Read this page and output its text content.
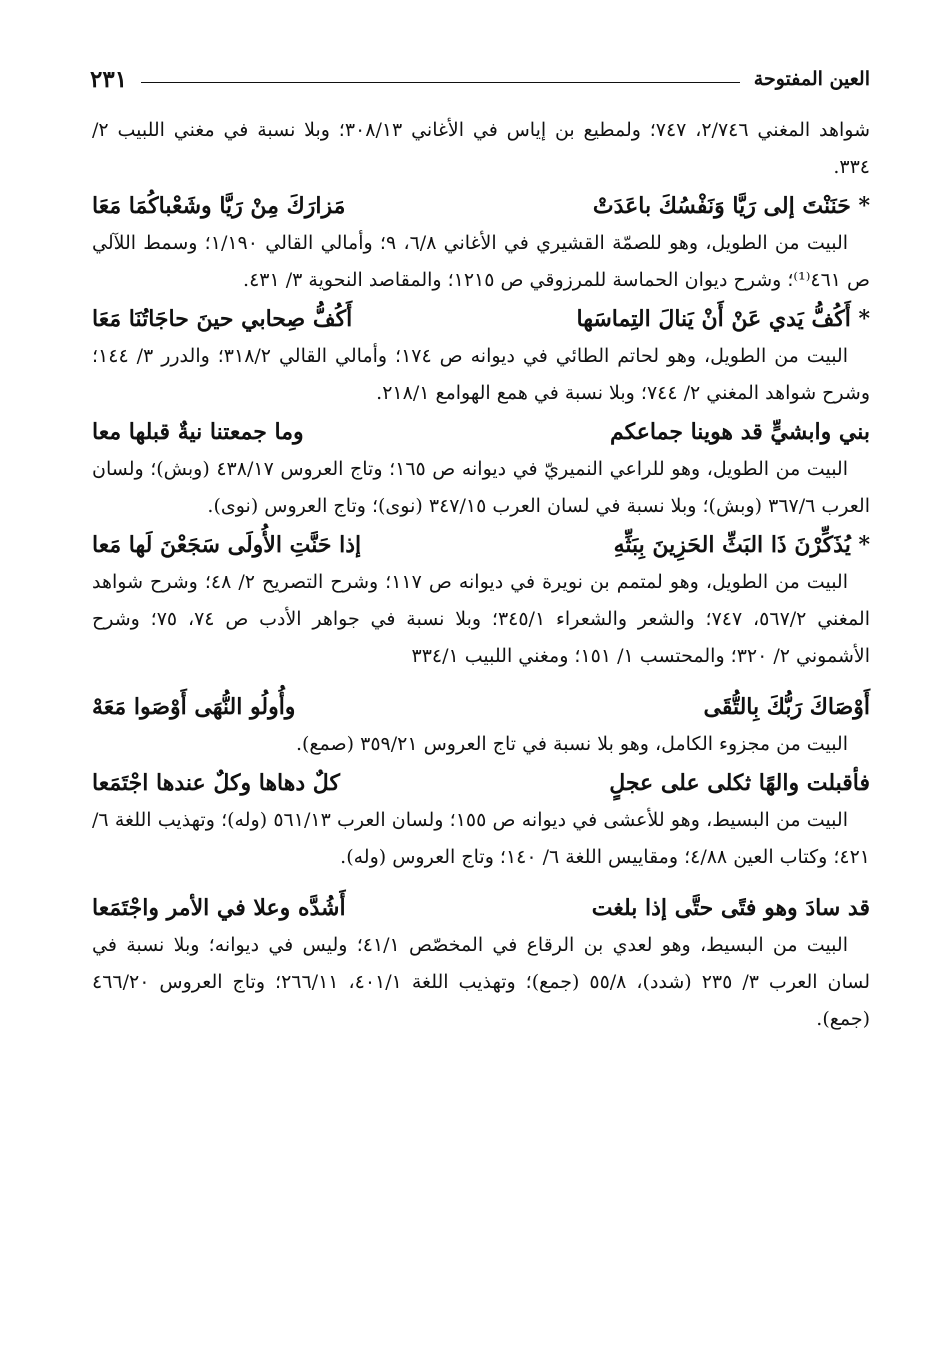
العين المفتوحة
٢٣١

شواهد المغني ٢/٧٤٦، ٧٤٧؛ ولمطيع بن إياس في الأغاني ٣٠٨/١٣؛ وبلا نسبة في مغني اللبيب ٢/ ٣٣٤.

* حَنَنْتَ إلى رَيَّا وَنَفْسُكَ باعَدَتْ
مَزارَكَ مِنْ رَيَّا وشَعْباكُمَا مَعَا

البيت من الطويل، وهو للصمّة القشيري في الأغاني ٦/٨، ٩؛ وأمالي القالي ١/١٩٠؛ وسمط اللآلي ص ٤٦١⁽¹⁾؛ وشرح ديوان الحماسة للمرزوقي ص ١٢١٥؛ والمقاصد النحوية ٣/ ٤٣١.

* أَكُفُّ يَدي عَنْ أَنْ يَنالَ التِماسَها
أَكُفُّ صِحابي حينَ حاجَاتُنَا مَعَا

البيت من الطويل، وهو لحاتم الطائي في ديوانه ص ١٧٤؛ وأمالي القالي ٣١٨/٢؛ والدرر ٣/ ١٤٤؛ وشرح شواهد المغني ٢/ ٧٤٤؛ وبلا نسبة في همع الهوامع ٢١٨/١.

بني وابشيٍّ قد هوينا جماعكم
وما جمعتنا نيةٌ قبلها معا

البيت من الطويل، وهو للراعي النميريّ في ديوانه ص ١٦٥؛ وتاج العروس ٤٣٨/١٧ (وبش)؛ ولسان العرب ٣٦٧/٦ (وبش)؛ وبلا نسبة في لسان العرب ٣٤٧/١٥ (نوى)؛ وتاج العروس (نوى).

* يُذَكِّرْنَ ذَا البَثِّ الحَزِينَ بِبَثِّهِ
إذا حَنَّتِ الأُولَى سَجَعْنَ لَها مَعا

البيت من الطويل، وهو لمتمم بن نويرة في ديوانه ص ١١٧؛ وشرح التصريح ٢/ ٤٨؛ وشرح شواهد المغني ٥٦٧/٢، ٧٤٧؛ والشعر والشعراء ٣٤٥/١؛ وبلا نسبة في جواهر الأدب ص ٧٤، ٧٥؛ وشرح الأشموني ٢/ ٣٢٠؛ والمحتسب ١/ ١٥١؛ ومغني اللبيب ٣٣٤/١

أَوْصَاكَ رَبُّكَ بِالتُّقَى
وأُولُو النُّهَى أَوْصَوا مَعَهْ

البيت من مجزوء الكامل، وهو بلا نسبة في تاج العروس ٣٥٩/٢١ (صمع).

فأقبلت والهًا ثكلى على عجلٍ
كلٌ دهاها وكلٌ عندها اجْتَمَعا

البيت من البسيط، وهو للأعشى في ديوانه ص ١٥٥؛ ولسان العرب ٥٦١/١٣ (وله)؛ وتهذيب اللغة ٦/ ٤٢١؛ وكتاب العين ٤/٨٨؛ ومقاييس اللغة ٦/ ١٤٠؛ وتاج العروس (وله).

قد سادَ وهو فتًى حتَّى إذا بلغت
أَشُدَّه وعلا في الأمر واجْتَمَعا

البيت من البسيط، وهو لعدي بن الرقاع في المخصّص ٤١/١؛ وليس في ديوانه؛ وبلا نسبة في لسان العرب ٣/ ٢٣٥ (شدد)، ٥٥/٨ (جمع)؛ وتهذيب اللغة ٤٠١/١، ٢٦٦/١١؛ وتاج العروس ٤٦٦/٢٠ (جمع).
